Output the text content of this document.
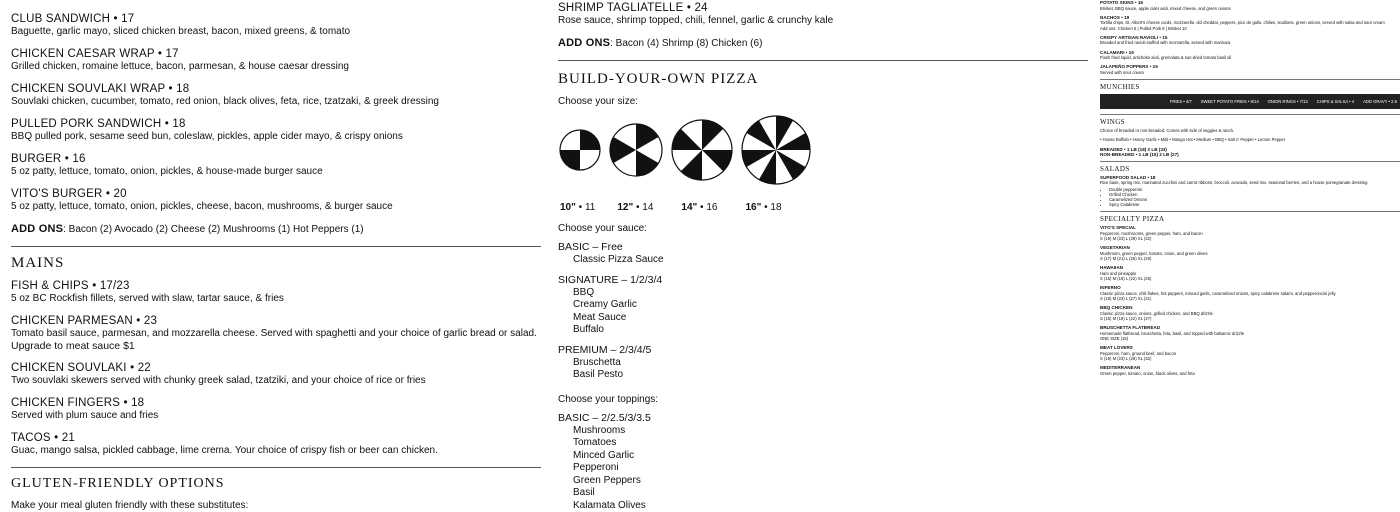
CLUB SANDWICH • 17
Baguette, garlic mayo, sliced chicken breast, bacon, mixed greens, & tomato
CHICKEN CAESAR WRAP • 17
Grilled chicken, romaine lettuce, bacon, parmesan, & house caesar dressing
CHICKEN SOUVLAKI WRAP • 18
Souvlaki chicken, cucumber, tomato, red onion, black olives, feta, rice, tzatzaki, & greek dressing
PULLED PORK SANDWICH • 18
BBQ pulled pork, sesame seed bun, coleslaw, pickles, apple cider mayo, & crispy onions
BURGER • 16
5 oz patty, lettuce, tomato, onion, pickles, & house-made burger sauce
VITO'S BURGER • 20
5 oz patty, lettuce, tomato, onion, pickles, cheese, bacon, mushrooms, & burger sauce
ADD ONS: Bacon (2) Avocado (2) Cheese (2) Mushrooms (1) Hot Peppers (1)
MAINS
FISH & CHIPS • 17/23
5 oz BC Rockfish fillets, served with slaw, tartar sauce, & fries
CHICKEN PARMESAN • 23
Tomato basil sauce, parmesan, and mozzarella cheese. Served with spaghetti and your choice of garlic bread or salad.
Upgrade to meat sauce $1
CHICKEN SOUVLAKI • 22
Two souvlaki skewers served with chunky greek salad, tzatziki, and your choice of rice or fries
CHICKEN FINGERS • 18
Served with plum sauce and fries
TACOS • 21
Guac, mango salsa, pickled cabbage, lime crema. Your choice of crispy fish or beer can chicken.
GLUTEN-FRIENDLY OPTIONS
Make your meal gluten friendly with these substitutes:
SHRIMP TAGLIATELLE • 24
Rose sauce, shrimp topped, chili, fennel, garlic & crunchy kale
ADD ONS: Bacon (4) Shrimp (8) Chicken (6)
BUILD-YOUR-OWN PIZZA
Choose your size:
10" • 11 12" • 14	14" • 16	16" • 18
Choose your sauce:
BASIC – Free
Classic Pizza Sauce
SIGNATURE – 1/2/3/4
BBQ
Creamy Garlic
Meat Sauce
Buffalo
PREMIUM – 2/3/4/5
Bruschetta
Basil Pesto
Choose your toppings:
BASIC – 2/2.5/3/3.5
Mushrooms
Tomatoes
Minced Garlic
Pepperoni
Green Peppers
Basil
Kalamata Olives
POTATO SKINS • 16
Brisket, BBQ sauce, apple cider aioli, mixed cheese, and green onions
NACHOS • 19
Tortilla chips, St. Albert's cheese curds, mozzarella, old cheddar, peppers, pico de gallo, chilies, scallions, green onions, served with salsa and sour cream
Add ons: Chicken 6 | Pulled Pork 6 | Brisket 10
CRISPY ARTISAN RAVIOLI • 15
Breaded and fried ravioli stuffed with mozzarella, served with marinara
CALAMARI • 15
Flash fried squid, artichoke aioli, gremolata & sun-dried tomato basil oil
JALAPEÑO POPPERS • 15
Served with sour cream
MUNCHIES
FRIES • 4/7 SWEET POTATO FRIES • 8/14 ONION RINGS • 7/13 CHIPS & SALSA • 4 ADD GRAVY • 2.5
WINGS
Choice of breaded or non-breaded. Comes with side of veggies & ranch.
• House Buffalo • Honey Garlic • Mild • Mango Hot • Medium • BBQ • Salt n' Pepper • Lemon Pepper
BREADED • 1 LB (18) 2 LB (33)
NON-BREADED • 1 LB (15) 2 LB (27)
SALADS
SUPERFOOD SALAD • 18
Rice base, spring mix, marinated zucchini and carrot ribbons, broccoli, avocado, seed mix, seasonal berries, and a house pomegranate dressing
• Double pepperoni
• Grilled Chicken
• Caramelized Onions
• Spicy Calabrese
SPECIALTY PIZZA
VITO'S SPECIAL
Pepperoni, mushrooms, green pepper, ham, and bacon
S (19) M (23) L (28) XL (32)
VEGETARIAN
Mushroom, green pepper, tomato, onion, and green olives
S (17) M (21) L (25) XL (29)
HAWAIIAN
Ham and pineapple
S (15) M (18) L (22) XL (25)
INFERNO
Classic pizza sauce, chili flakes, hot peppers, minced garlic, caramelized onions, spicy calabrese salami, and pepperoncini jelly
S (19) M (23) L (27) XL (31)
BBQ CHICKEN
Classic pizza sauce, onions, grilled chicken, and BBQ drizzle
S (15) M (18) L (22) XL (27)
BRUSCHETTA FLATBREAD
Homemade flatbread, bruschetta, feta, basil, and topped with balsamic drizzle
ONE SIZE (16)
MEAT LOVERS
Pepperoni, ham, ground beef, and bacon
S (19) M (23) L (28) XL (32)
MEDITERRANEAN
Green pepper, tomato, onion, black olives, and feta
